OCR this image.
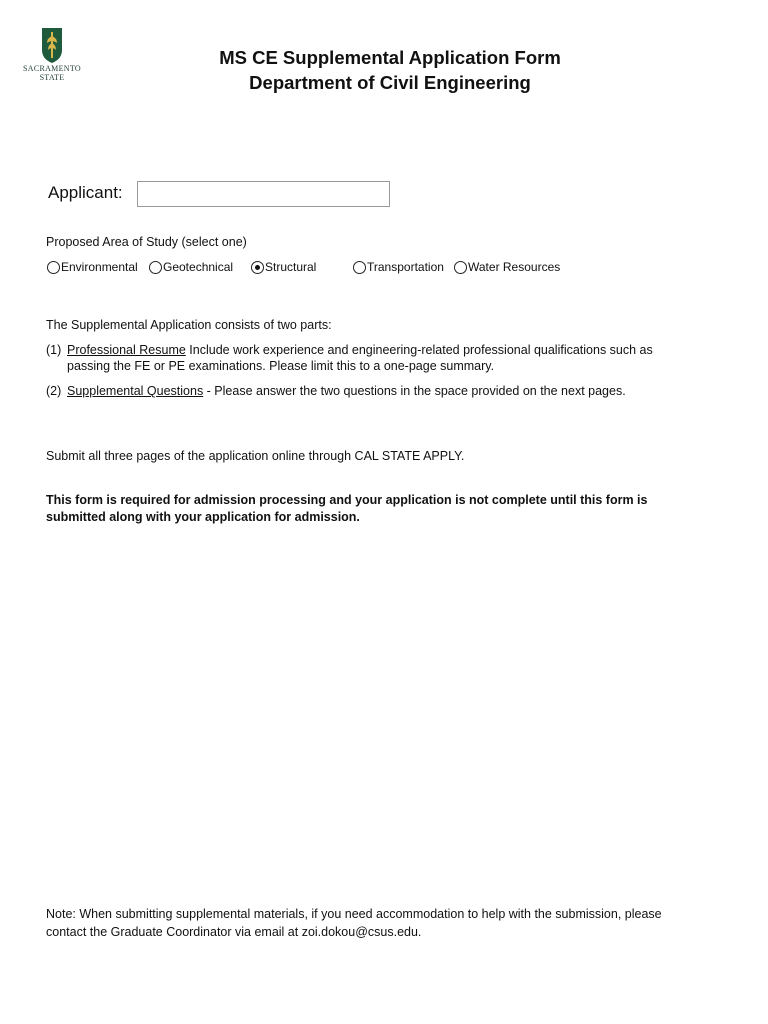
SACRAMENTO
STATE
MS CE Supplemental Application Form
Department of Civil Engineering
Applicant:
Proposed Area of Study (select one)
Environmental Geotechnical	Structural	Transportation Water Resources
The Supplemental Application consists of two parts:
(1) Professional Resume Include work experience and engineering-related professional qualifications such as passing the FE or PE examinations. Please limit this to a one-page summary.
(2) Supplemental Questions - Please answer the two questions in the space provided on the next pages.
Submit all three pages of the application online through CAL STATE APPLY.
This form is required for admission processing and your application is not complete until this form is submitted along with your application for admission.
Note: When submitting supplemental materials, if you need accommodation to help with the submission, please contact the Graduate Coordinator via email at zoi.dokou@csus.edu.
